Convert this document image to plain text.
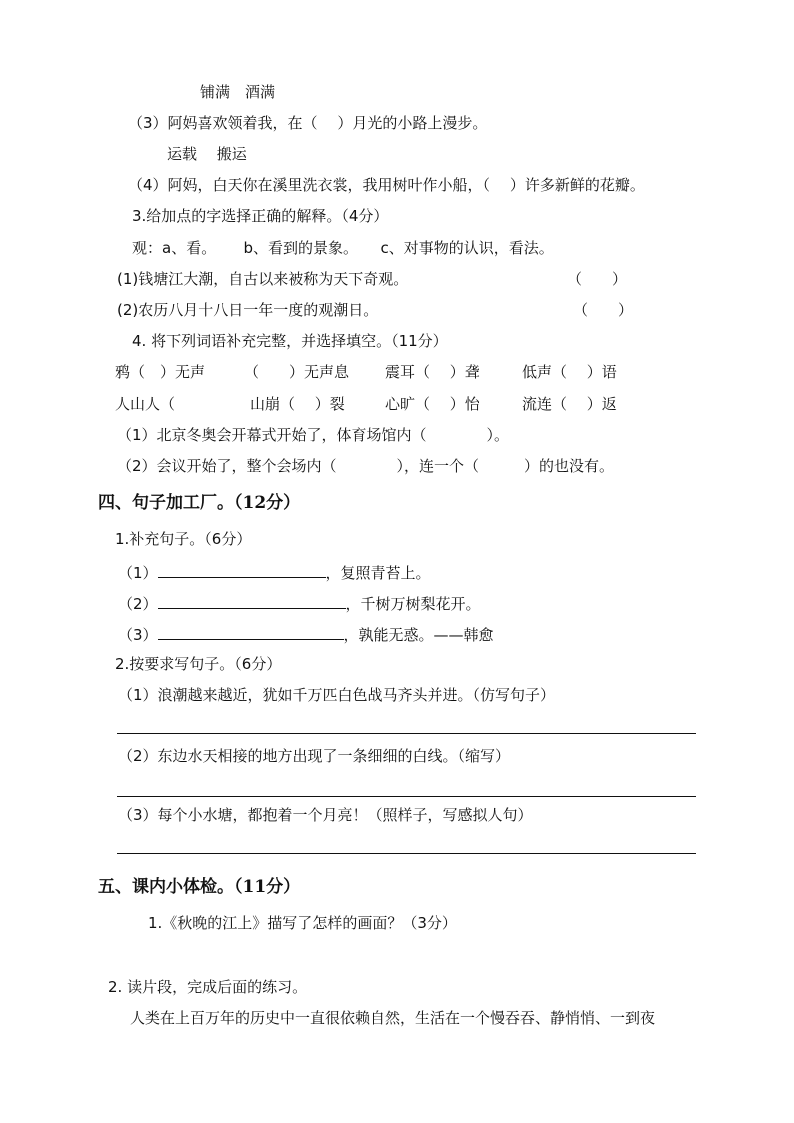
铺满　酒满
（3）阿妈喜欢领着我，在（　 ）月光的小路上漫步。
运载　 搬运
（4）阿妈，白天你在溪里洗衣裳，我用树叶作小船，（　 ）许多新鲜的花瓣。
3.给加点的字选择正确的解释。（4分）
观：a、看。　　 b、看到的景象。　　c、对事物的认识，看法。
(1)钱塘江大潮，自古以来被称为天下奇观。	（　　）
(2)农历八月十八日一年一度的观潮日。	（　　）
4. 将下列词语补充完整，并选择填空。（11分）
鸦（　）无声	（　　）无声息 震耳（　 ）聋	低声（　 ）语
人山人（　　	山崩（　 ）裂	心旷（　 ）怡	流连（　 ）返
（1）北京冬奥会开幕式开始了，体育场馆内（　　　　）。
（2）会议开始了，整个会场内（　　　　），连一个（　　　）的也没有。
四、句子加工厂。（12分）
1.补充句子。（6分）
（1）	，复照青苔上。
（2）	，千树万树梨花开。
（3）	，孰能无惑。——韩愈
2.按要求写句子。（6分）
（1）浪潮越来越近，犹如千万匹白色战马齐头并进。（仿写句子）
（2）东边水天相接的地方出现了一条细细的白线。（缩写）
（3）每个小水塘，都抱着一个月亮！（照样子，写感拟人句）
五、课内小体检。（11分）
1.《秋晚的江上》描写了怎样的画面？（3分）
2. 读片段，完成后面的练习。
人类在上百万年的历史中一直很依赖自然，生活在一个慢吞吞、静悄悄、一到夜
